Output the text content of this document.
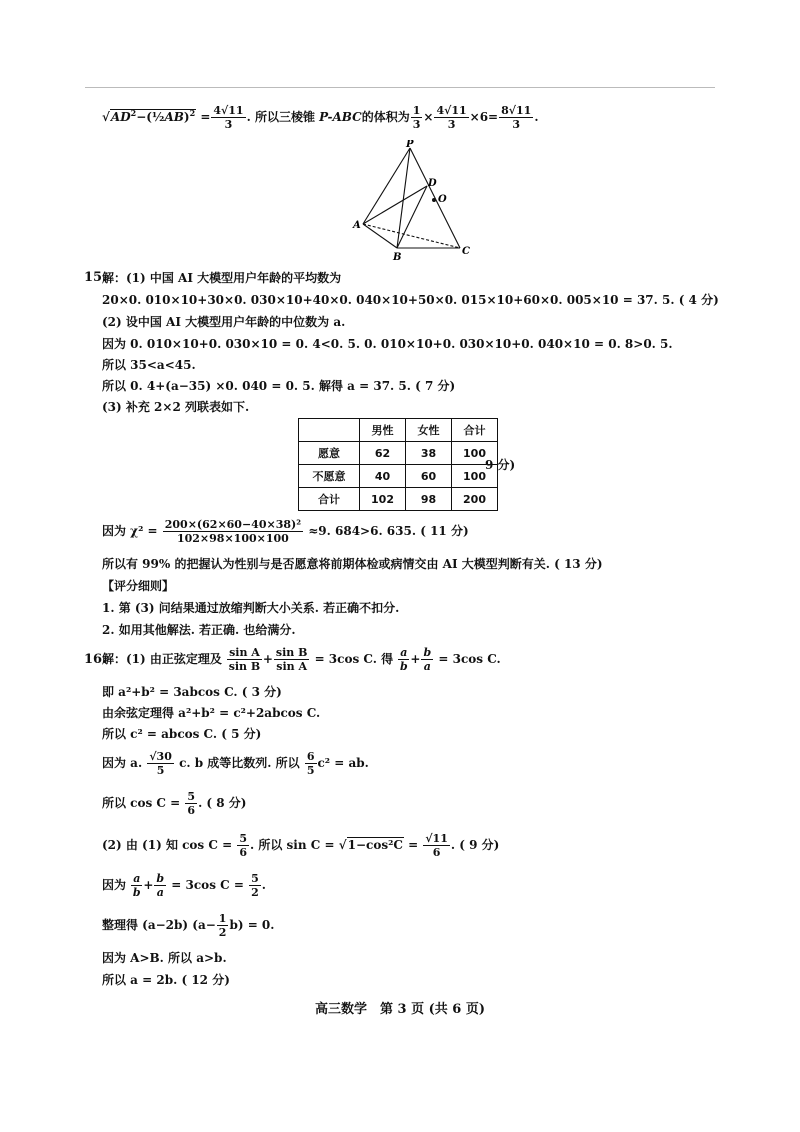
$√AD^2-(\frac{1}{2}AB)^2 = \frac{4√11}{3}$ . 所以三棱锥 P-ABC的体积为 $\frac{1}{3} \times \frac{4√11}{3} \times 6= \frac{8√11}{3}$ .
P
D
O
A
B
C
15.
解：(1) 中国 AI 大模型用户年龄的平均数为
20×0. 010×10+30×0. 030×10+40×0. 040×10+50×0. 015×10+60×0. 005×10 = 37. 5. ( 4 分)
(2) 设中国 AI 大模型用户年龄的中位数为 a.
因为 0. 010×10+0. 030×10 = 0. 4<0. 5. 0. 010×10+0. 030×10+0. 040×10 = 0. 8>0. 5.
所以 35<a<45.
所以 0. 4+(a−35) ×0. 040 = 0. 5. 解得 a = 37. 5. ( 7 分)
(3) 补充 2×2 列联表如下.
	男性	女性	合计
愿意	62	38	100
不愿意	40	60	100
合计	102	98	200
9 分)
因为 $\chi^2 = \frac{\text{200×(62×60−40×38)²}}{102\times 98\times 100\times 100} \approx 9$. 684>6. 635. ( 11 分)
所以有 99% 的把握认为性别与是否愿意将前期体检或病情交由 AI 大模型判断有关. ( 13 分)
【评分细则】
1. 第 (3) 问结果通过放缩判断大小关系. 若正确不扣分.
2. 如用其他解法. 若正确. 也给满分.
16.
解：(1) 由正弦定理及 $\frac{\text{sin A}}{\text{sin B}} + \frac{\text{sin B}}{\text{sin A}} = 3\cos$ C. 得 $\frac{a}{b} + \frac{b}{a} = 3\cos$ C.
即 a²+b² = 3abcos C. ( 3 分)
由余弦定理得 a²+b² = c²+2abcos C.
所以 c² = abcos C. ( 5 分)
因为 a. $\frac{√30}{5} c$. b 成等比数列. 所以 $\frac{6}{5} c^2$ = ab.
所以 $\cos C = \frac{5}{6}$ . ( 8 分)
(2) 由 (1) 知 $\cos C = \frac{5}{6}$ . 所以 $\sin C = √1-\cos^2C = \frac{√11}{6}$ . ( 9 分)
因为 $\frac{a}{b} + \frac{b}{a} = 3\cos$ $C = \frac{5}{2}$ .
整理得 (a−2b) $(a- \frac{1}{2} b) = 0$.
因为 A>B. 所以 a>b.
所以 a = 2b. ( 12 分)
高三数学　第 3 页 (共 6 页)
